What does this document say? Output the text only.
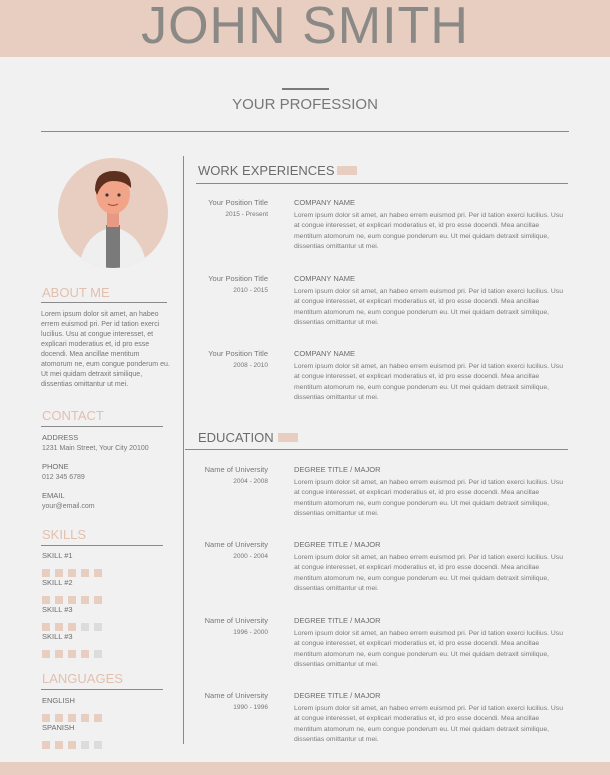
JOHN SMITH
YOUR PROFESSION
ABOUT ME
Lorem ipsum dolor sit amet, an habeo errem euismod pri. Per id tation exerci lucilius. Usu at congue interesset, et explicari moderatius et, id pro esse docendi. Mea ancillae mentitum atomorum ne, eum congue ponderum eu. Ut mei quidam detraxit similique, dissentias omittantur ut mei.
CONTACT
ADDRESS
1231 Main Street, Your City 20100
PHONE
012 345 6789
EMAIL
your@email.com
SKILLS
SKILL #1
SKILL #2
SKILL #3
SKILL #3
LANGUAGES
ENGLISH
SPANISH
WORK EXPERIENCES
Your Position Title
2015 - Present
COMPANY NAME
Lorem ipsum dolor sit amet, an habeo errem euismod pri. Per id tation exerci lucilius. Usu at congue interesset, et explicari moderatius et, id pro esse docendi. Mea ancillae mentitum atomorum ne, eum congue ponderum eu. Ut mei quidam detraxit similique, dissentias omittantur ut mei.
Your Position Title
2010 - 2015
COMPANY NAME
Lorem ipsum dolor sit amet, an habeo errem euismod pri. Per id tation exerci lucilius. Usu at congue interesset, et explicari moderatius et, id pro esse docendi. Mea ancillae mentitum atomorum ne, eum congue ponderum eu. Ut mei quidam detraxit similique, dissentias omittantur ut mei.
Your Position Title
2008 - 2010
COMPANY NAME
Lorem ipsum dolor sit amet, an habeo errem euismod pri. Per id tation exerci lucilius. Usu at congue interesset, et explicari moderatius et, id pro esse docendi. Mea ancillae mentitum atomorum ne, eum congue ponderum eu. Ut mei quidam detraxit similique, dissentias omittantur ut mei.
EDUCATION
Name of University
2004 - 2008
DEGREE TITLE / MAJOR
Lorem ipsum dolor sit amet, an habeo errem euismod pri. Per id tation exerci lucilius. Usu at congue interesset, et explicari moderatius et, id pro esse docendi. Mea ancillae mentitum atomorum ne, eum congue ponderum eu. Ut mei quidam detraxit similique, dissentias omittantur ut mei.
Name of University
2000 - 2004
DEGREE TITLE / MAJOR
Lorem ipsum dolor sit amet, an habeo errem euismod pri. Per id tation exerci lucilius. Usu at congue interesset, et explicari moderatius et, id pro esse docendi. Mea ancillae mentitum atomorum ne, eum congue ponderum eu. Ut mei quidam detraxit similique, dissentias omittantur ut mei.
Name of University
1996 - 2000
DEGREE TITLE / MAJOR
Lorem ipsum dolor sit amet, an habeo errem euismod pri. Per id tation exerci lucilius. Usu at congue interesset, et explicari moderatius et, id pro esse docendi. Mea ancillae mentitum atomorum ne, eum congue ponderum eu. Ut mei quidam detraxit similique, dissentias omittantur ut mei.
Name of University
1990 - 1996
DEGREE TITLE / MAJOR
Lorem ipsum dolor sit amet, an habeo errem euismod pri. Per id tation exerci lucilius. Usu at congue interesset, et explicari moderatius et, id pro esse docendi. Mea ancillae mentitum atomorum ne, eum congue ponderum eu. Ut mei quidam detraxit similique, dissentias omittantur ut mei.
